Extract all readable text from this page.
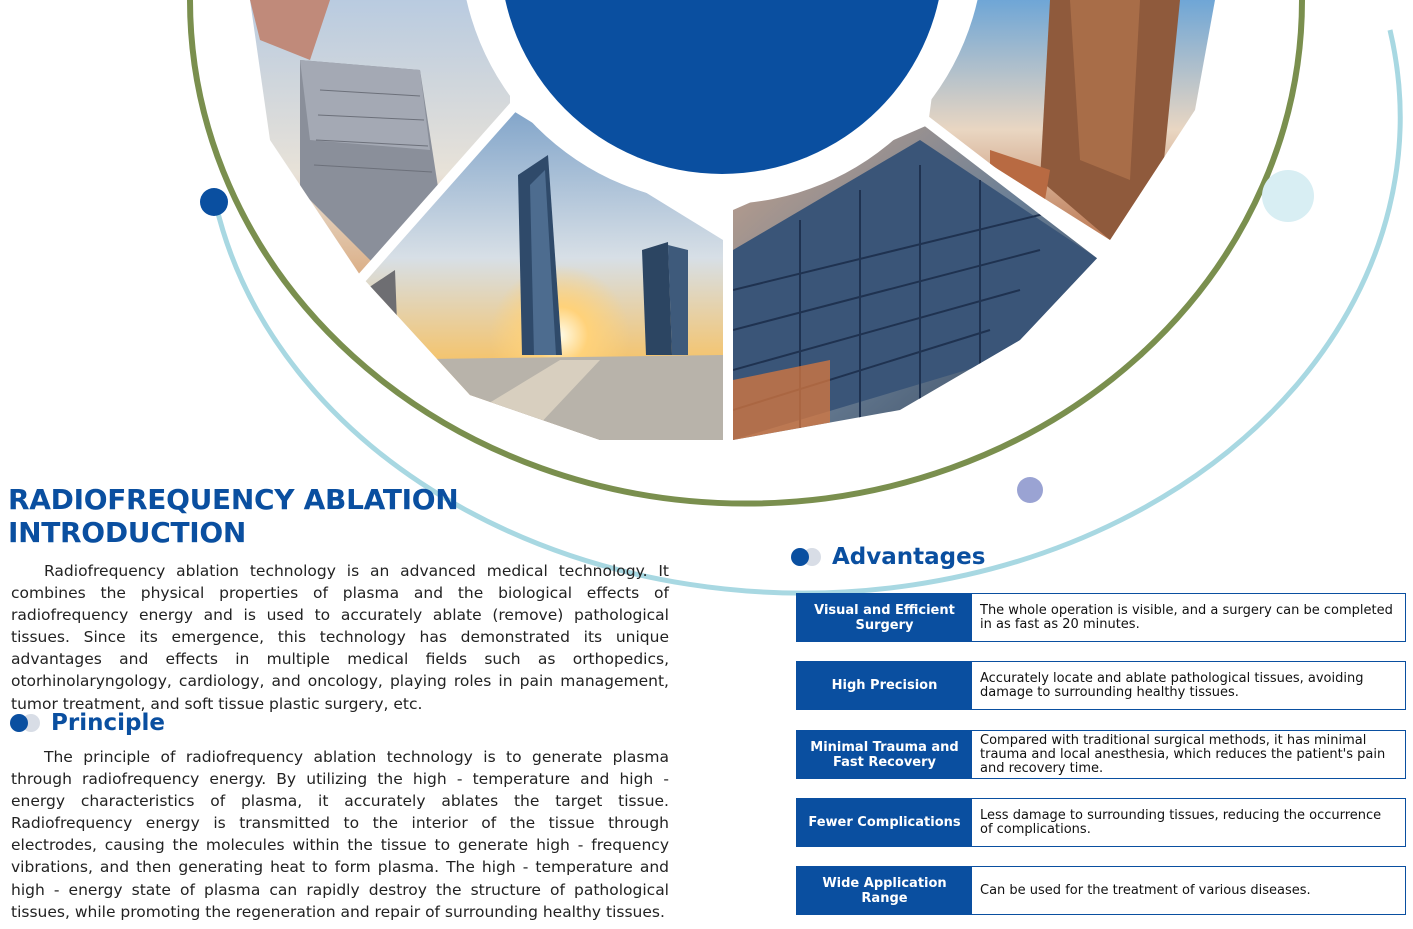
RADIOFREQUENCY ABLATION
INTRODUCTION

Radiofrequency ablation technology is an advanced medical technology. It combines the physical properties of plasma and the biological effects of radiofrequency energy and is used to accurately ablate (remove) pathological tissues. Since its emergence, this technology has demonstrated its unique advantages and effects in multiple medical fields such as orthopedics, otorhinolaryngology, cardiology, and oncology, playing roles in pain management, tumor treatment, and soft tissue plastic surgery, etc.

Principle

The principle of radiofrequency ablation technology is to generate plasma through radiofrequency energy. By utilizing the high - temperature and high - energy characteristics of plasma, it accurately ablates the target tissue. Radiofrequency energy is transmitted to the interior of the tissue through electrodes, causing the molecules within the tissue to generate high - frequency vibrations, and then generating heat to form plasma. The high - temperature and high - energy state of plasma can rapidly destroy the structure of pathological tissues, while promoting the regeneration and repair of surrounding healthy tissues.

Advantages
Visual and Efficient Surgery
The whole operation is visible, and a surgery can be completed in as fast as 20 minutes.
High Precision	Accurately locate and ablate pathological tissues, avoiding damage to surrounding healthy tissues.
Minimal Trauma and Fast Recovery
Compared with traditional surgical methods, it has minimal trauma and local anesthesia, which reduces the patient's pain and recovery time.
Fewer Complications	Less damage to surrounding tissues, reducing the occurrence of complications.
Wide Application Range
Can be used for the treatment of various diseases.
